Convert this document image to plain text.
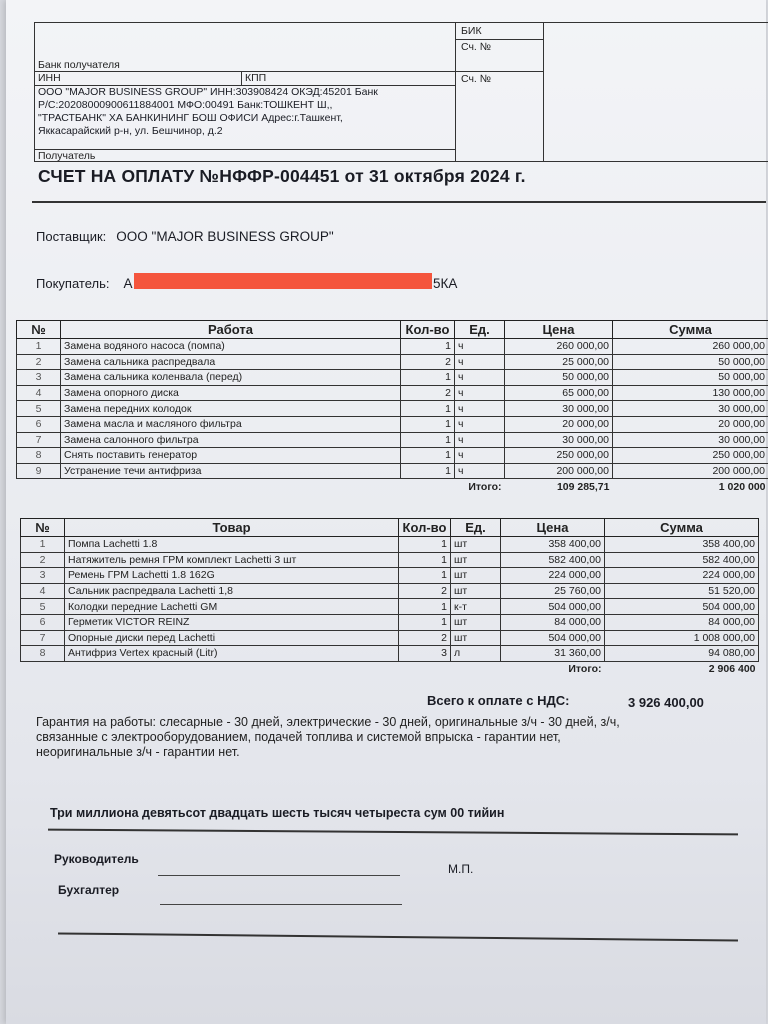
БИК
Сч. №
Сч. №
Банк получателя
ИНН	КПП
ООО "MAJOR BUSINESS GROUP" ИНН:303908424 ОКЭД:45201 Банк
Р/С:20208000900611884001 МФО:00491 Банк:ТОШКЕНТ Ш,,
"ТРАСТБАНК" ХА БАНКИНИНГ БОШ ОФИСИ Адрес:г.Ташкент,
Яккасарайский р-н, ул. Бешчинор, д.2
Получатель
СЧЕТ НА ОПЛАТУ №НФФР-004451 от 31 октября 2024 г.
Поставщик: ООО "MAJOR BUSINESS GROUP"
Покупатель: А	5КА
№	Работа	Кол-во	Ед.	Цена	Сумма
1	Замена водяного насоса (помпа)	1	ч	260 000,00	260 000,00
2	Замена сальника распредвала	2	ч	25 000,00	50 000,00
3	Замена сальника коленвала (перед)	1	ч	50 000,00	50 000,00
4	Замена опорного диска	2	ч	65 000,00	130 000,00
5	Замена передних колодок	1	ч	30 000,00	30 000,00
6	Замена масла и масляного фильтра	1	ч	20 000,00	20 000,00
7	Замена салонного фильтра	1	ч	30 000,00	30 000,00
8	Снять поставить генератор	1	ч	250 000,00	250 000,00
9	Устранение течи антифриза	1	ч	200 000,00	200 000,00
		Итого:		109 285,71	1 020 000
№	Товар	Кол-во	Ед.	Цена	Сумма
1	Помпа Lachetti 1.8	1	шт	358 400,00	358 400,00
2	Натяжитель ремня ГРМ комплект Lachetti 3 шт	1	шт	582 400,00	582 400,00
3	Ремень ГРМ Lachetti 1.8 162G	1	шт	224 000,00	224 000,00
4	Сальник распредвала Lachetti 1,8	2	шт	25 760,00	51 520,00
5	Колодки передние Lachetti GM	1	к-т	504 000,00	504 000,00
6	Герметик VICTOR REINZ	1	шт	84 000,00	84 000,00
7	Опорные диски перед Lachetti	2	шт	504 000,00	1 008 000,00
8	Антифриз Vertex красный (Litr)	3	л	31 360,00	94 080,00
				Итого:	2 906 400
Всего к оплате с НДС:	3 926 400,00
Гарантия на работы: слесарные - 30 дней, электрические - 30 дней, оригинальные з/ч - 30 дней, з/ч,
связанные с электрооборудованием, подачей топлива и системой впрыска - гарантии нет,
неоригинальные з/ч - гарантии нет.
Три миллиона девятьсот двадцать шесть тысяч четыреста сум 00 тийин
Руководитель
М.П.
Бухгалтер
